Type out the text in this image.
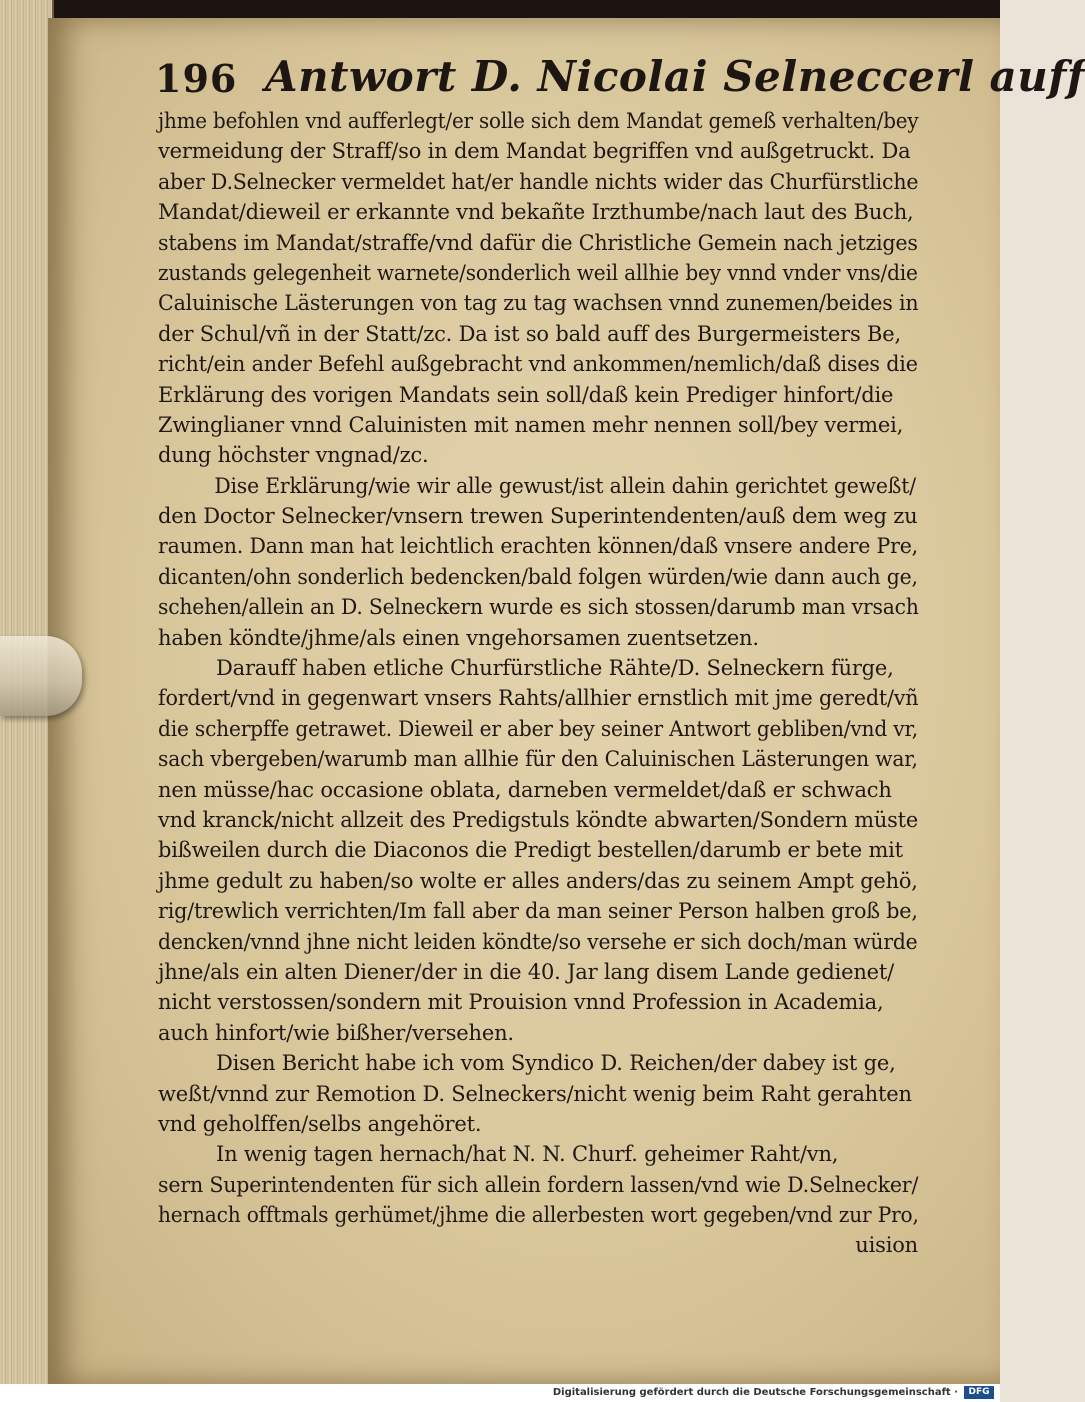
196 Antwort D. Nicolai Selneccerl auff
jhme befohlen vnd aufferlegt/er solle sich dem Mandat gemeß verhalten/bey
vermeidung der Straff/so in dem Mandat begriffen vnd außgetruckt. Da
aber D.Selnecker vermeldet hat/er handle nichts wider das Churfürstliche
Mandat/dieweil er erkannte vnd bekañte Irzthumbe/nach laut des Buch,
stabens im Mandat/straffe/vnd dafür die Christliche Gemein nach jetziges
zustands gelegenheit warnete/sonderlich weil allhie bey vnnd vnder vns/die
Caluinische Lästerungen von tag zu tag wachsen vnnd zunemen/beides in
der Schul/vñ in der Statt/zc. Da ist so bald auff des Burgermeisters Be,
richt/ein ander Befehl außgebracht vnd ankommen/nemlich/daß dises die
Erklärung des vorigen Mandats sein soll/daß kein Prediger hinfort/die
Zwinglianer vnnd Caluinisten mit namen mehr nennen soll/bey vermei,
dung höchster vngnad/zc.
Dise Erklärung/wie wir alle gewust/ist allein dahin gerichtet geweßt/
den Doctor Selnecker/vnsern trewen Superintendenten/auß dem weg zu
raumen. Dann man hat leichtlich erachten können/daß vnsere andere Pre,
dicanten/ohn sonderlich bedencken/bald folgen würden/wie dann auch ge,
schehen/allein an D. Selneckern wurde es sich stossen/darumb man vrsach
haben köndte/jhme/als einen vngehorsamen zuentsetzen.
Darauff haben etliche Churfürstliche Rähte/D. Selneckern fürge,
fordert/vnd in gegenwart vnsers Rahts/allhier ernstlich mit jme geredt/vñ
die scherpffe getrawet. Dieweil er aber bey seiner Antwort gebliben/vnd vr,
sach vbergeben/warumb man allhie für den Caluinischen Lästerungen war,
nen müsse/hac occasione oblata, darneben vermeldet/daß er schwach
vnd kranck/nicht allzeit des Predigstuls köndte abwarten/Sondern müste
bißweilen durch die Diaconos die Predigt bestellen/darumb er bete mit
jhme gedult zu haben/so wolte er alles anders/das zu seinem Ampt gehö,
rig/trewlich verrichten/Im fall aber da man seiner Person halben groß be,
dencken/vnnd jhne nicht leiden köndte/so versehe er sich doch/man würde
jhne/als ein alten Diener/der in die 40. Jar lang disem Lande gedienet/
nicht verstossen/sondern mit Prouision vnnd Profession in Academia,
auch hinfort/wie bißher/versehen.
Disen Bericht habe ich vom Syndico D. Reichen/der dabey ist ge,
weßt/vnnd zur Remotion D. Selneckers/nicht wenig beim Raht gerahten
vnd geholffen/selbs angehöret.
In wenig tagen hernach/hat N. N. Churf. geheimer Raht/vn,
sern Superintendenten für sich allein fordern lassen/vnd wie D.Selnecker/
hernach offtmals gerhümet/jhme die allerbesten wort gegeben/vnd zur Pro,
uision
Digitalisierung gefördert durch die Deutsche Forschungsgemeinschaft ·	DFG
